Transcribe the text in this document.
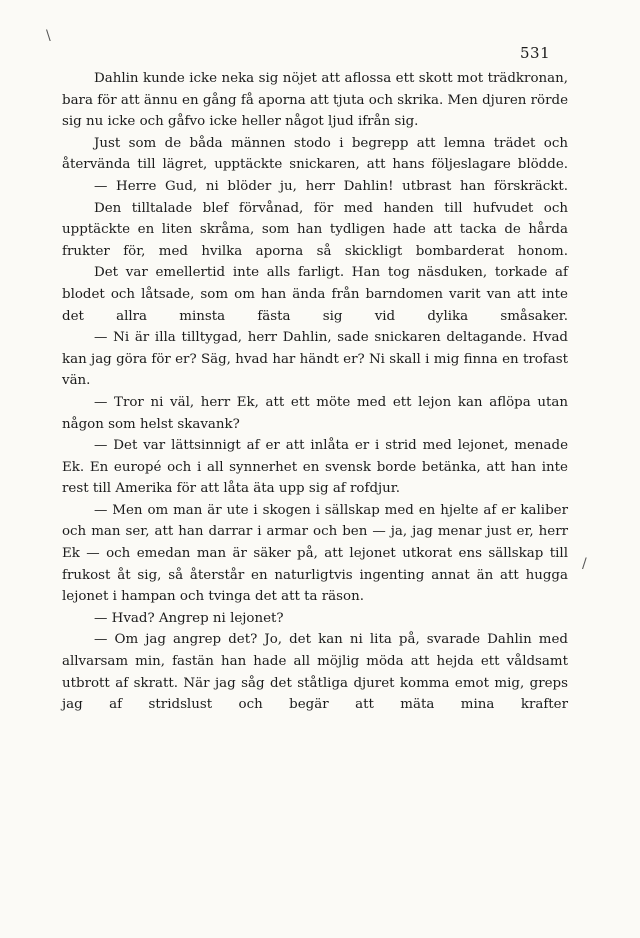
531
\
/

Dahlin kunde icke neka sig nöjet att aflossa ett skott mot trädkronan, bara för att ännu en gång få aporna att tjuta och skrika. Men djuren rörde sig nu icke och gåfvo icke heller något ljud ifrån sig.

Just som de båda männen stodo i begrepp att lemna trädet och återvända till lägret, upptäckte snickaren, att hans följeslagare blödde.

— Herre Gud, ni blöder ju, herr Dahlin! utbrast han förskräckt.

Den tilltalade blef förvånad, för med handen till hufvudet och upptäckte en liten skråma, som han tydligen hade att tacka de hårda frukter för, med hvilka aporna så skickligt bombarderat honom.

Det var emellertid inte alls farligt. Han tog näsduken, torkade af blodet och låtsade, som om han ända från barndomen varit van att inte det allra minsta fästa sig vid dylika småsaker.

— Ni är illa tilltygad, herr Dahlin, sade snickaren deltagande. Hvad kan jag göra för er? Säg, hvad har händt er? Ni skall i mig finna en trofast vän.

— Tror ni väl, herr Ek, att ett möte med ett lejon kan aflöpa utan någon som helst skavank?

— Det var lättsinnigt af er att inlåta er i strid med lejonet, menade Ek. En europé och i all synnerhet en svensk borde betänka, att han inte rest till Amerika för att låta äta upp sig af rofdjur.

— Men om man är ute i skogen i sällskap med en hjelte af er kaliber och man ser, att han darrar i armar och ben — ja, jag menar just er, herr Ek — och emedan man är säker på, att lejonet utkorat ens sällskap till frukost åt sig, så återstår en naturligtvis ingenting annat än att hugga lejonet i hampan och tvinga det att ta räson.

— Hvad? Angrep ni lejonet?

— Om jag angrep det? Jo, det kan ni lita på, svarade Dahlin med allvarsam min, fastän han hade all möjlig möda att hejda ett våldsamt utbrott af skratt. När jag såg det ståtliga djuret komma emot mig, greps jag af stridslust och begär att mäta mina krafter
